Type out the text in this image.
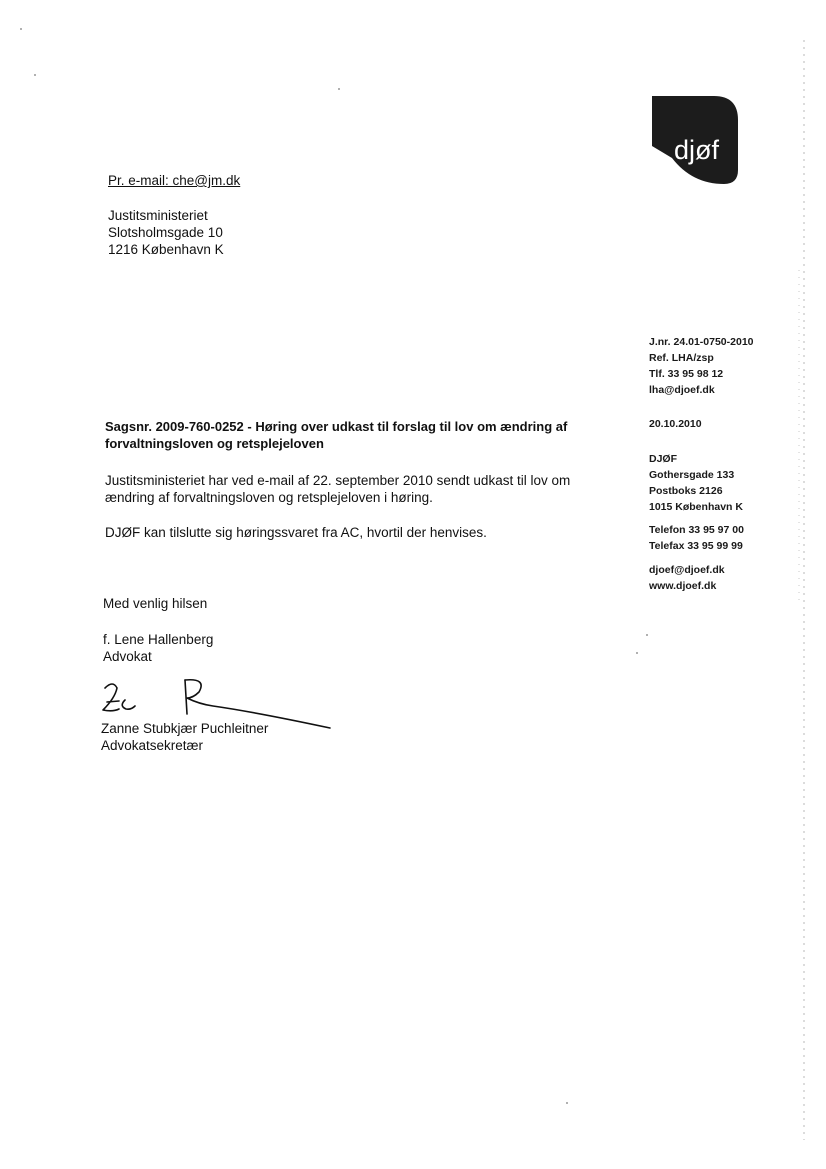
djøf
Pr. e-mail: che@jm.dk
Justitsministeriet
Slotsholmsgade 10
1216 København K
J.nr. 24.01-0750-2010
Ref. LHA/zsp
Tlf. 33 95 98 12
lha@djoef.dk
20.10.2010
DJØF
Gothersgade 133
Postboks 2126
1015 København K
Telefon 33 95 97 00
Telefax 33 95 99 99
djoef@djoef.dk
www.djoef.dk
Sagsnr. 2009-760-0252 - Høring over udkast til forslag til lov om ændring af forvaltningsloven og retsplejeloven
Justitsministeriet har ved e-mail af 22. september 2010 sendt udkast til lov om ændring af forvaltningsloven og retsplejeloven i høring.
DJØF kan tilslutte sig høringssvaret fra AC, hvortil der henvises.
Med venlig hilsen
f. Lene Hallenberg
Advokat
Zanne Stubkjær Puchleitner
Advokatsekretær
